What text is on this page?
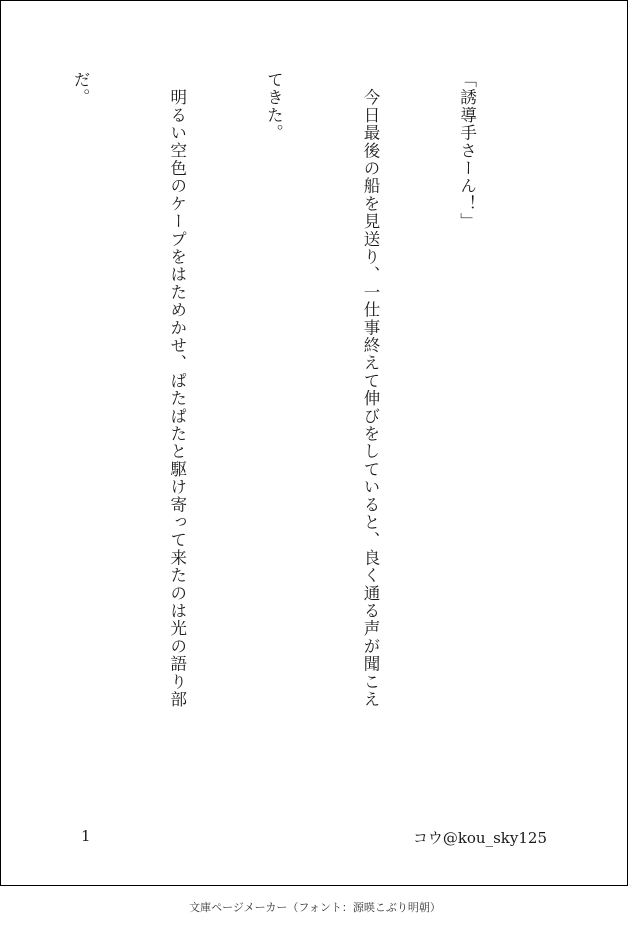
「誘導手さーん！」

　今日最後の船を見送り、一仕事終えて伸びをしていると、良く通る声が聞こえ

てきた。

　明るい空色のケープをはためかせ、ぱたぱたと駆け寄って来たのは光の語り部

だ。

1	コウ@kou_sky125
文庫ページメーカー（フォント：源暎こぶり明朝）
